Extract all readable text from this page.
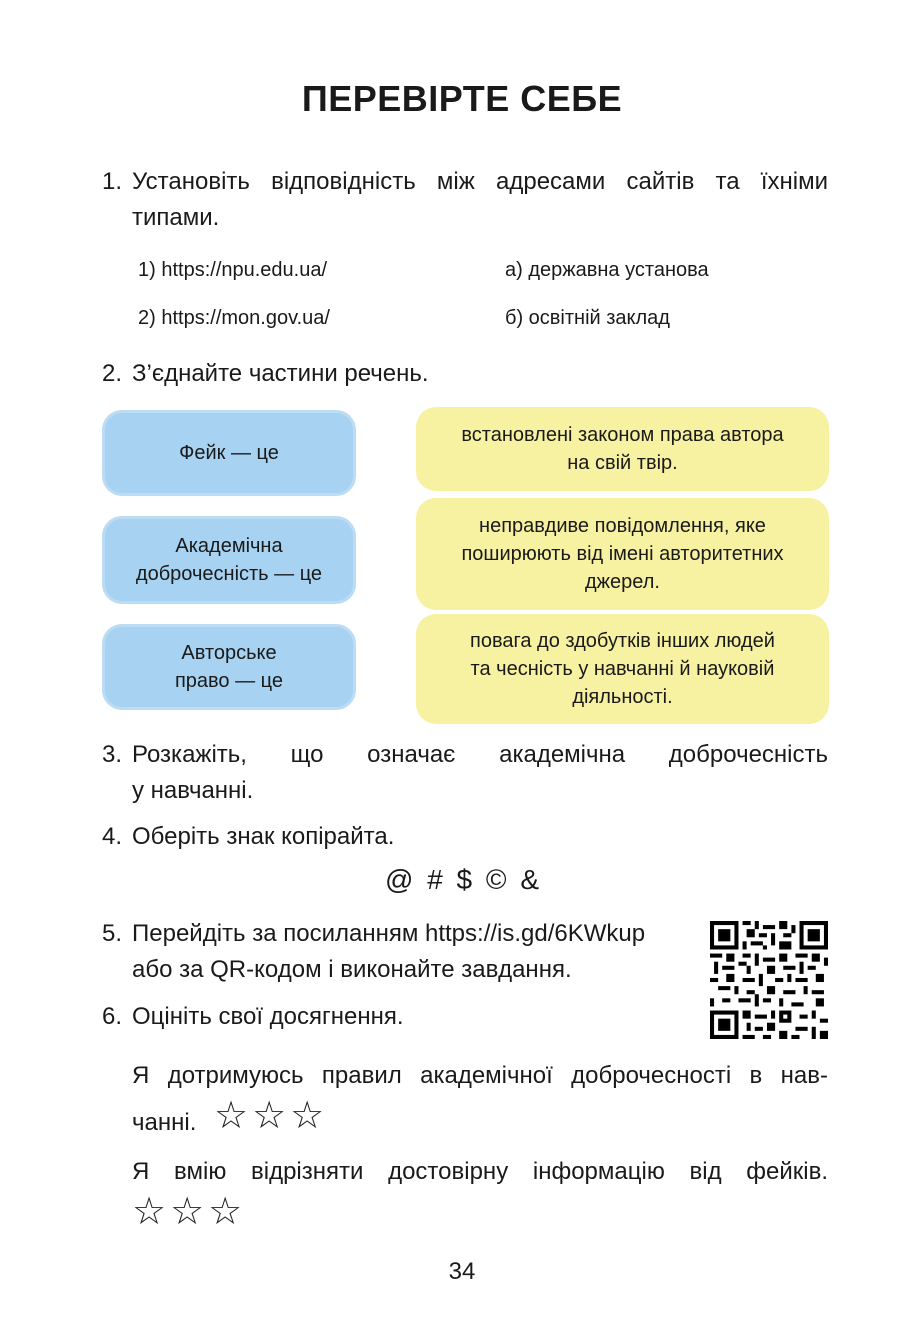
ПЕРЕВІРТЕ СЕБЕ
1. Установіть відповідність між адресами сайтів та їхніми
типами.
1) https://npu.edu.ua/
2) https://mon.gov.ua/
а) державна установа
б) освітній заклад
2. З’єднайте частини речень.
Фейк — це
Академічна
доброчесність — це
Авторське
право — це
встановлені законом права автора
на свій твір.
неправдиве повідомлення, яке
поширюють від імені авторитетних
джерел.
повага до здобутків інших людей
та чесність у навчанні й науковій
діяльності.
3. Розкажіть, що означає академічна доброчесність
у навчанні.
4. Оберіть знак копірайта.
@ # $ © &
5. Перейдіть за посиланням https://is.gd/6KWkup
або за QR-кодом і виконайте завдання.
6. Оцініть свої досягнення.
Я дотримуюсь правил академічної доброчесності в нав-
чанні. ☆☆☆
Я вмію відрізняти достовірну інформацію від фейків.
☆☆☆
34
